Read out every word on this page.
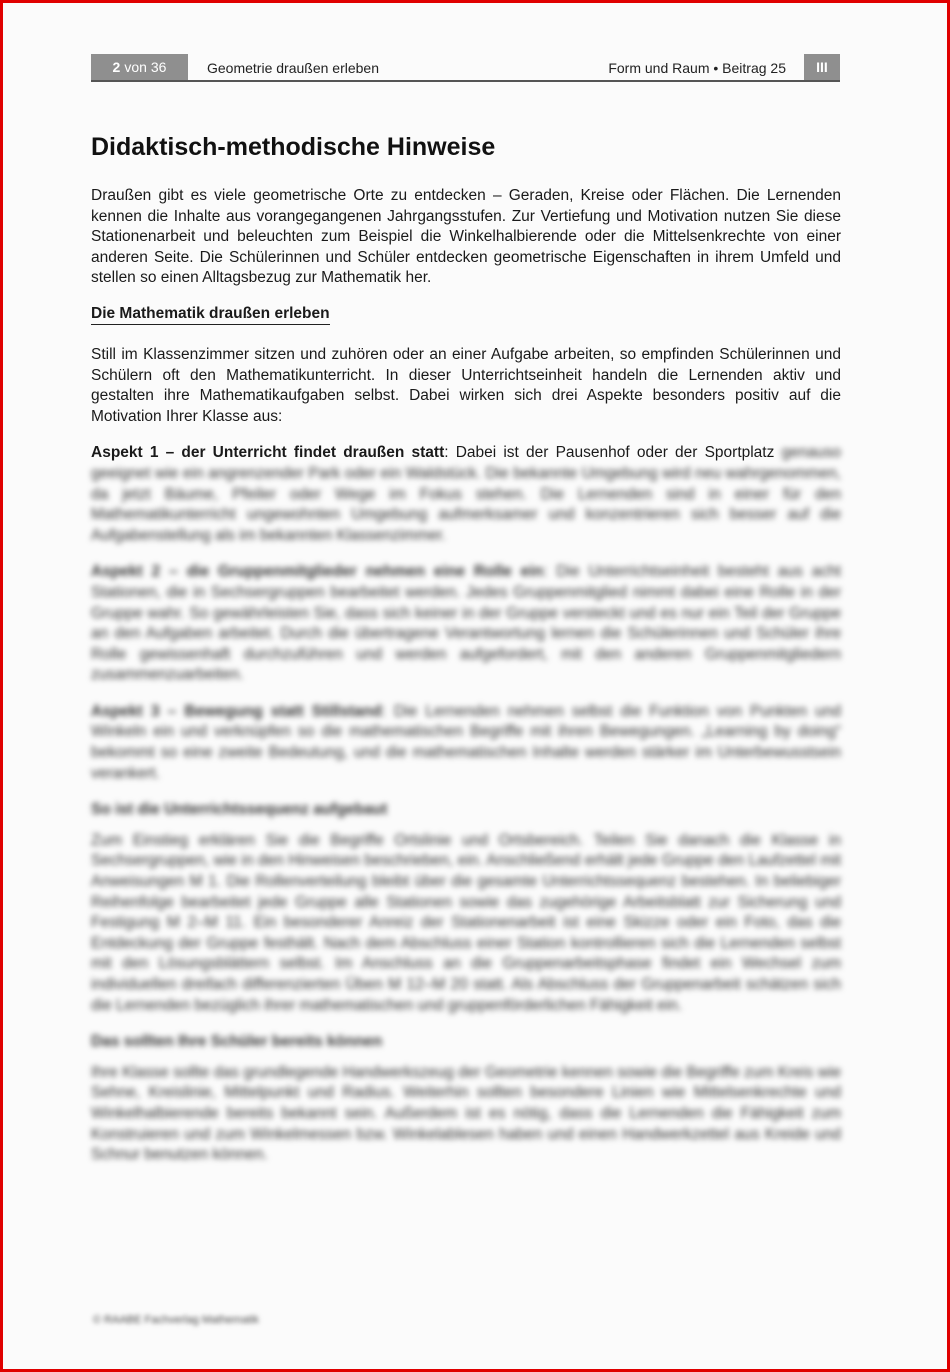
2 von 36	Geometrie draußen erleben	Form und Raum • Beitrag 25	III
Didaktisch-methodische Hinweise

Draußen gibt es viele geometrische Orte zu entdecken – Geraden, Kreise oder Flächen. Die Lernenden kennen die Inhalte aus vorangegangenen Jahrgangsstufen. Zur Vertiefung und Motivation nutzen Sie diese Stationenarbeit und beleuchten zum Beispiel die Winkelhalbierende oder die Mittelsenkrechte von einer anderen Seite. Die Schülerinnen und Schüler entdecken geometrische Eigenschaften in ihrem Umfeld und stellen so einen Alltagsbezug zur Mathematik her.

Die Mathematik draußen erleben

Still im Klassenzimmer sitzen und zuhören oder an einer Aufgabe arbeiten, so empfinden Schülerinnen und Schülern oft den Mathematikunterricht. In dieser Unterrichtseinheit handeln die Lernenden aktiv und gestalten ihre Mathematikaufgaben selbst. Dabei wirken sich drei Aspekte besonders positiv auf die Motivation Ihrer Klasse aus:

Aspekt 1 – der Unterricht findet draußen statt: Dabei ist der Pausenhof oder der Sportplatz genauso geeignet wie ein angrenzender Park oder ein Waldstück. Die bekannte Umgebung wird neu wahrgenommen, da jetzt Bäume, Pfeiler oder Wege im Fokus stehen. Die Lernenden sind in einer für den Mathematikunterricht ungewohnten Umgebung aufmerksamer und konzentrieren sich besser auf die Aufgabenstellung als im bekannten Klassenzimmer.

Aspekt 2 – die Gruppenmitglieder nehmen eine Rolle ein: Die Unterrichtseinheit besteht aus acht Stationen, die in Sechsergruppen bearbeitet werden. Jedes Gruppenmitglied nimmt dabei eine Rolle in der Gruppe wahr. So gewährleisten Sie, dass sich keiner in der Gruppe versteckt und es nur ein Teil der Gruppe an den Aufgaben arbeitet. Durch die übertragene Verantwortung lernen die Schülerinnen und Schüler ihre Rolle gewissenhaft durchzuführen und werden aufgefordert, mit den anderen Gruppenmitgliedern zusammenzuarbeiten.

Aspekt 3 – Bewegung statt Stillstand: Die Lernenden nehmen selbst die Funktion von Punkten und Winkeln ein und verknüpfen so die mathematischen Begriffe mit ihren Bewegungen. „Learning by doing“ bekommt so eine zweite Bedeutung, und die mathematischen Inhalte werden stärker im Unterbewusstsein verankert.

So ist die Unterrichtssequenz aufgebaut

Zum Einstieg erklären Sie die Begriffe Ortslinie und Ortsbereich. Teilen Sie danach die Klasse in Sechsergruppen, wie in den Hinweisen beschrieben, ein. Anschließend erhält jede Gruppe den Laufzettel mit Anweisungen M 1. Die Rollenverteilung bleibt über die gesamte Unterrichtssequenz bestehen. In beliebiger Reihenfolge bearbeitet jede Gruppe alle Stationen sowie das zugehörige Arbeitsblatt zur Sicherung und Festigung M 2–M 11. Ein besonderer Anreiz der Stationenarbeit ist eine Skizze oder ein Foto, das die Entdeckung der Gruppe festhält. Nach dem Abschluss einer Station kontrollieren sich die Lernenden selbst mit den Lösungsblättern selbst. Im Anschluss an die Gruppenarbeitsphase findet ein Wechsel zum individuellen dreifach differenzierten Üben M 12–M 20 statt. Als Abschluss der Gruppenarbeit schätzen sich die Lernenden bezüglich ihrer mathematischen und gruppenförderlichen Fähigkeit ein.

Das sollten Ihre Schüler bereits können

Ihre Klasse sollte das grundlegende Handwerkszeug der Geometrie kennen sowie die Begriffe zum Kreis wie Sehne, Kreislinie, Mittelpunkt und Radius. Weiterhin sollten besondere Linien wie Mittelsenkrechte und Winkelhalbierende bereits bekannt sein. Außerdem ist es nötig, dass die Lernenden die Fähigkeit zum Konstruieren und zum Winkelmessen bzw. Winkelablesen haben und einen Handwerkzettel aus Kreide und Schnur benutzen können.

© RAABE Fachverlag Mathematik
